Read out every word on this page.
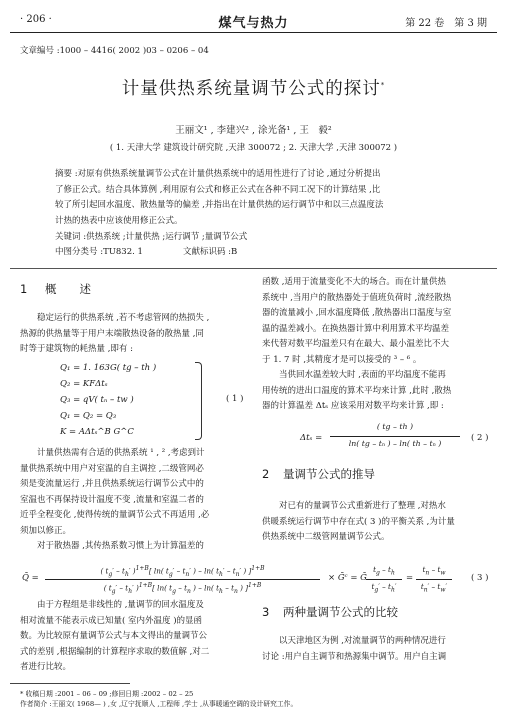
· 206 ·	煤气与热力	第 22 卷　第 3 期
文章编号 :1000 – 4416( 2002 )03 – 0206 – 04
计量供热系统量调节公式的探讨*
王丽文¹ , 李建兴² , 涂光备¹ , 王　毅²
( 1. 天津大学 建筑设计研究院 ,天津 300072 ; 2. 天津大学 ,天津 300072 )
摘要 :对原有供热系统量调节公式在计量供热系统中的适用性进行了讨论 ,通过分析提出
了修正公式。结合具体算例 ,利用原有公式和修正公式在各种不同工况下的计算结果 ,比
较了所引起回水温度、散热量等的偏差 ,并指出在计量供热的运行调节中和以三点温度法
计热的热表中应该使用修正公式。
关键词 :供热系统 ;计量供热 ;运行调节 ;量调节公式
中图分类号 :TU832. 1	文献标识码 :B
1 概　　述
稳定运行的供热系统 ,若不考虑管网的热损失 ,
热源的供热量等于用户末端散热设备的散热量 ,同
时等于建筑物的耗热量 ,即有 :
Q₁ = 1. 163G( tg – th )
Q₂ = KFΔtₛ
Q₃ = qV( tₙ – tw )
Q₁ = Q₂ = Q₃
K = AΔtₛ^B G^C
( 1 )
计量供热需有合适的供热系统 ¹ , ² ,考虑到计
量供热系统中用户对室温的自主调控 ,二级管网必
须是变流量运行 ,并且供热系统运行调节公式中的
室温也不再保持设计温度不变 ,流量和室温二者的
近乎全程变化 ,使得传统的量调节公式不再适用 ,必
须加以修正。
对于散热器 ,其传热系数习惯上为计算温差的
Q̄ =
( $t_g' - t_h'$ )$^{1+B}$[ ln( $t_g' - t_n'$ ) – ln( $t_h' - t_n'$ ) ]$^{1+B}$
( $t_g' - t_h'$ )$^{1+B}$[ ln( $t_g - t_n$ ) – ln( $t_h - t_n$ ) ]$^{1+B}$
× Ḡᶜ = Ḡ
$t_g - t_h$
$t_g' - t_h'$
=
$t_n - t_w$
$t_n' - t_w'$
( 3 )
由于方程组是非线性的 ,量调节的回水温度及
相对流量不能表示成已知量( 室内外温度 )的显函
数。为比较原有量调节公式与本文得出的量调节公
式的差别 ,根据编制的计算程序求取的数值解 ,对二
者进行比较。
函数 ,适用于流量变化不大的场合。而在计量供热
系统中 ,当用户的散热器处于值班负荷时 ,流经散热
器的流量减小 ,回水温度降低 ,散热器出口温度与室
温的温差减小。在换热器计算中利用算术平均温差
来代替对数平均温差只有在最大、最小温差比不大
于 1. 7 时 ,其精度才是可以接受的 ³ – ⁶ 。
当供回水温差较大时 ,表面的平均温度不能再
用传统的进出口温度的算术平均来计算 ,此时 ,散热
器的计算温差 Δtₛ 应该采用对数平均来计算 ,即 :
Δtₛ =
( tg – th )
ln( tg – tₙ ) – ln( th – tₙ )
( 2 )
2 量调节公式的推导
对已有的量调节公式重新进行了整理 ,对热水
供暖系统运行调节中存在式( 3 )的平衡关系 ,为计量
供热系统中二级管网量调节公式。
3 两种量调节公式的比较
以天津地区为例 ,对流量调节的两种情况进行
讨论 :用户自主调节和热源集中调节。用户自主调
* 收稿日期 :2001 – 06 – 09 ;修回日期 :2002 – 02 – 25
作者简介 :王丽文( 1968— ) ,女 ,辽宁抚顺人 ,工程师 ,学士 ,从事暖通空调的设计研究工作。
